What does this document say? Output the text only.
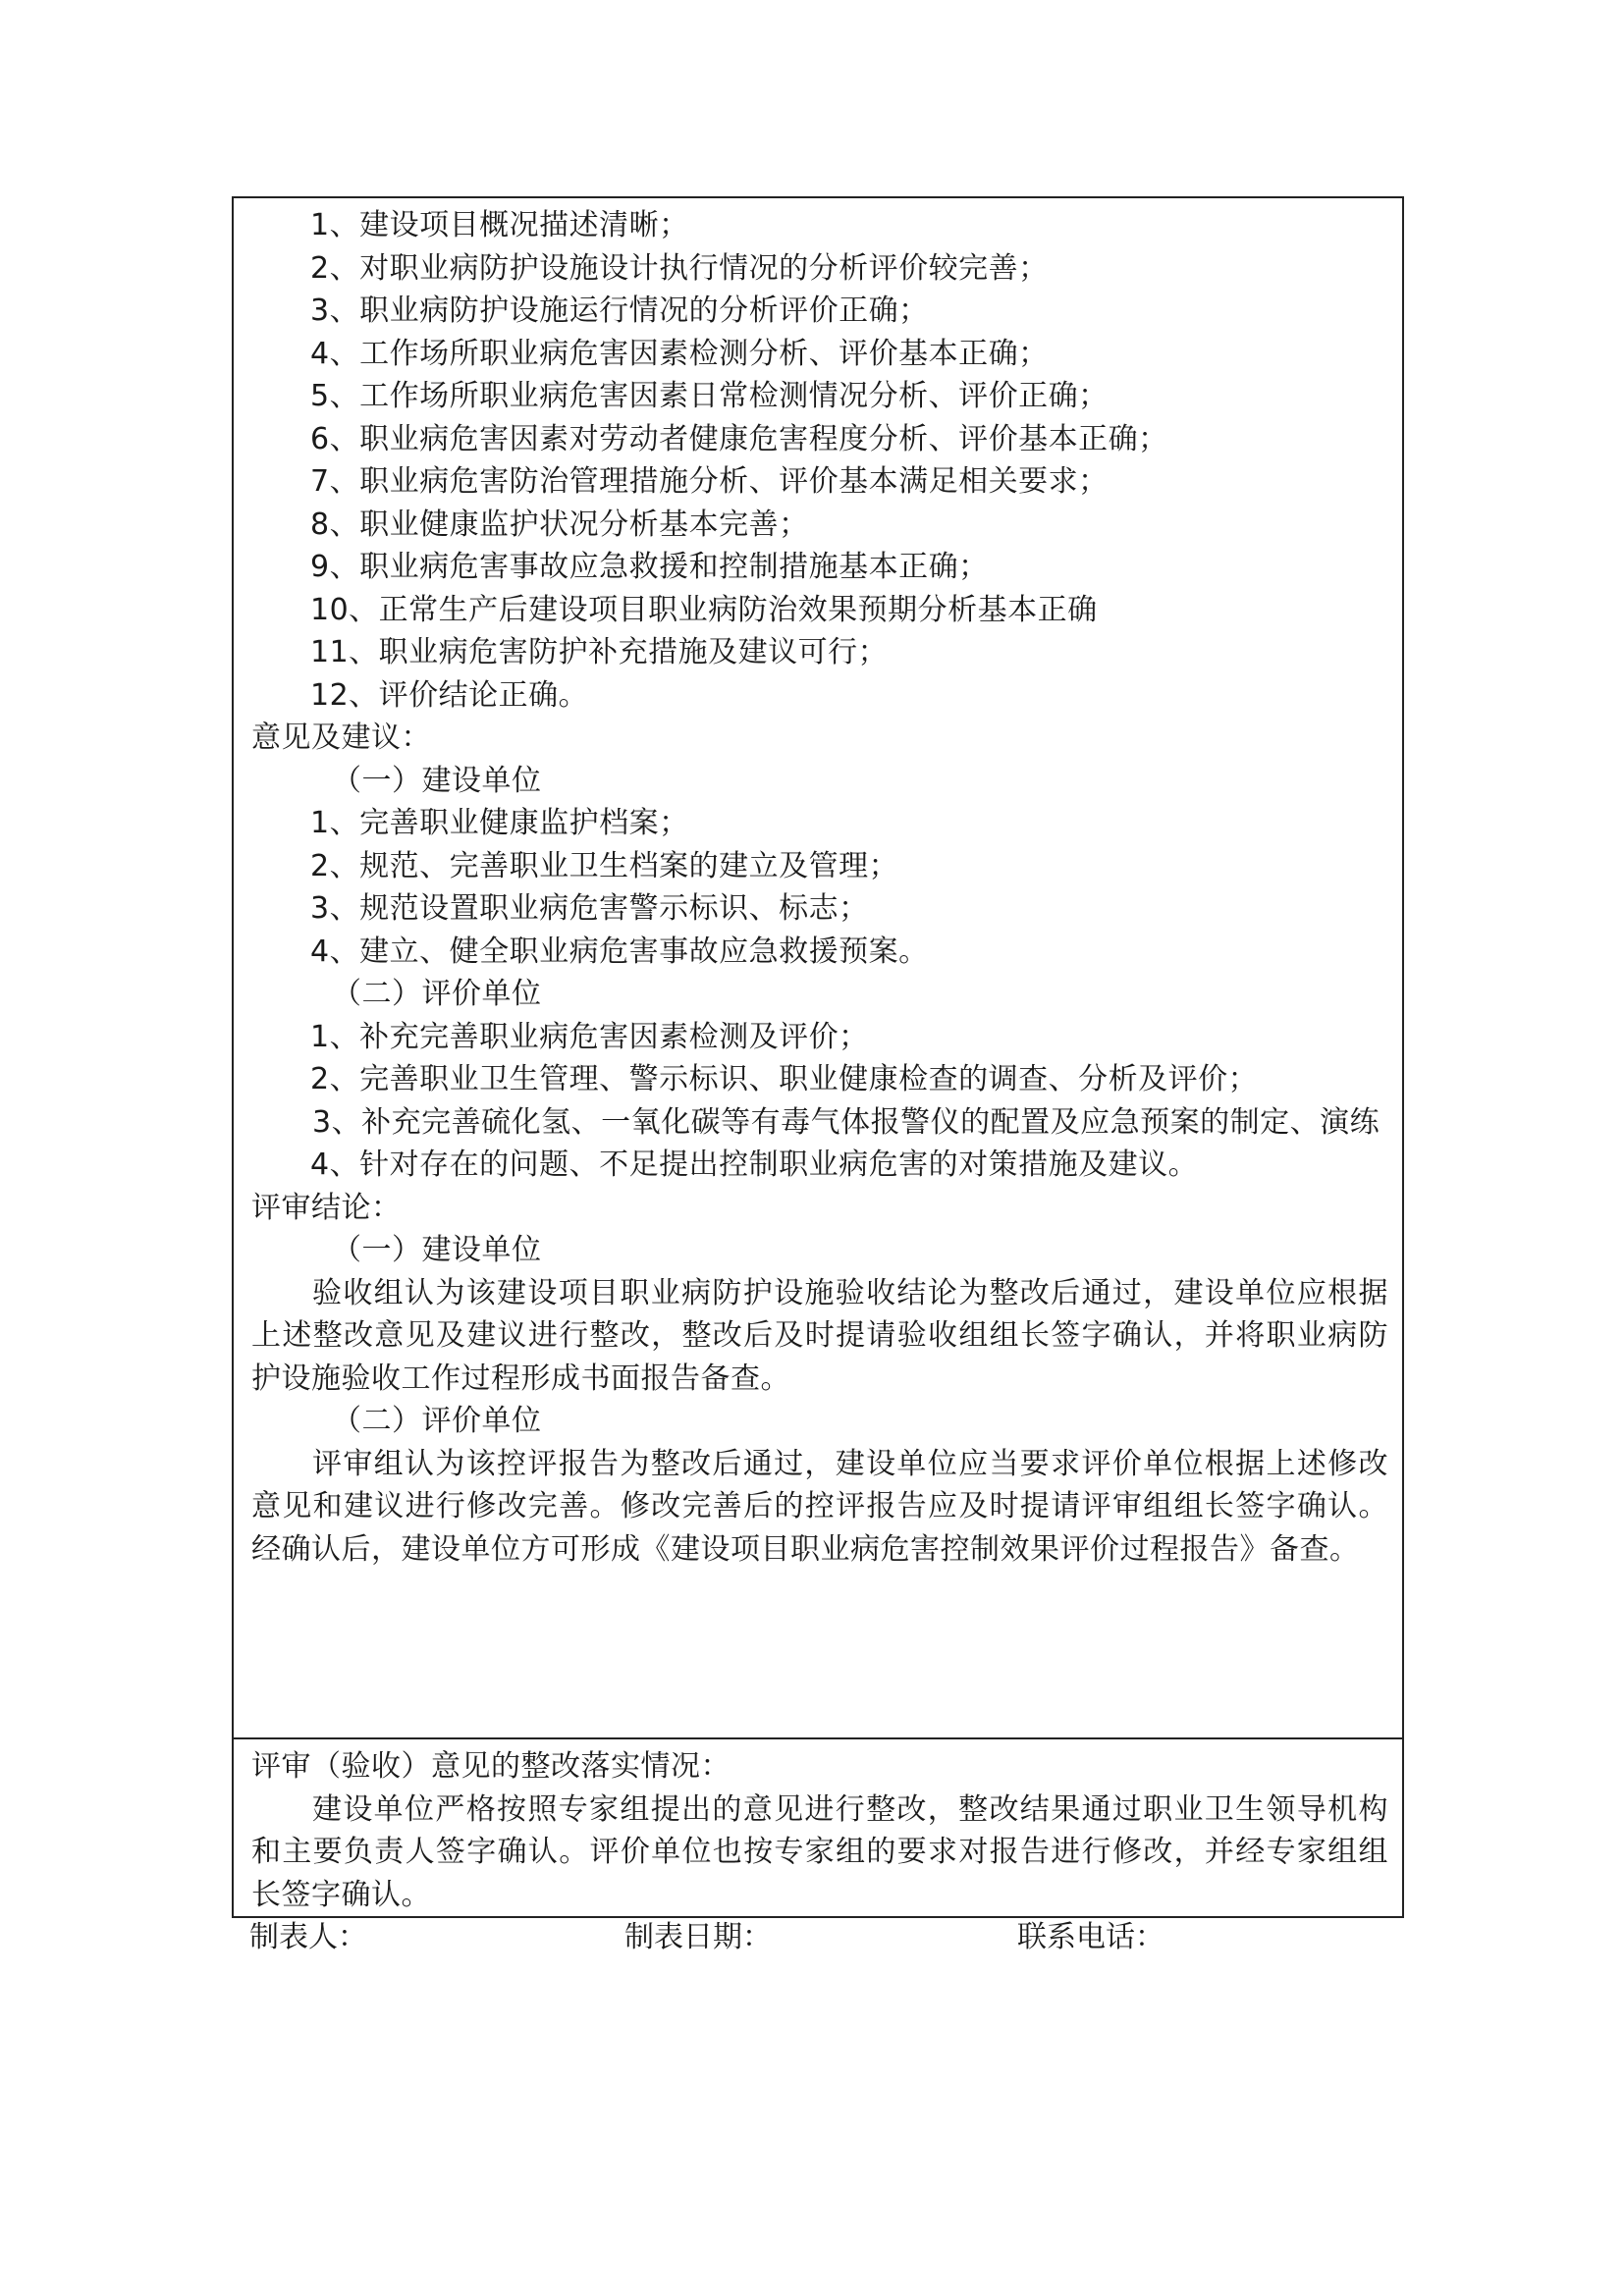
1、建设项目概况描述清晰；
2、对职业病防护设施设计执行情况的分析评价较完善；
3、职业病防护设施运行情况的分析评价正确；
4、工作场所职业病危害因素检测分析、评价基本正确；
5、工作场所职业病危害因素日常检测情况分析、评价正确；
6、职业病危害因素对劳动者健康危害程度分析、评价基本正确；
7、职业病危害防治管理措施分析、评价基本满足相关要求；
8、职业健康监护状况分析基本完善；
9、职业病危害事故应急救援和控制措施基本正确；
10、正常生产后建设项目职业病防治效果预期分析基本正确
11、职业病危害防护补充措施及建议可行；
12、评价结论正确。
意见及建议：
（一）建设单位
1、完善职业健康监护档案；
2、规范、完善职业卫生档案的建立及管理；
3、规范设置职业病危害警示标识、标志；
4、建立、健全职业病危害事故应急救援预案。
（二）评价单位
1、补充完善职业病危害因素检测及评价；
2、完善职业卫生管理、警示标识、职业健康检查的调查、分析及评价；
3、补充完善硫化氢、一氧化碳等有毒气体报警仪的配置及应急预案的制定、演练
4、针对存在的问题、不足提出控制职业病危害的对策措施及建议。
评审结论：
（一）建设单位
验收组认为该建设项目职业病防护设施验收结论为整改后通过，建设单位应根据上述整改意见及建议进行整改，整改后及时提请验收组组长签字确认，并将职业病防护设施验收工作过程形成书面报告备查。
（二）评价单位
评审组认为该控评报告为整改后通过，建设单位应当要求评价单位根据上述修改意见和建议进行修改完善。修改完善后的控评报告应及时提请评审组组长签字确认。经确认后，建设单位方可形成《建设项目职业病危害控制效果评价过程报告》备查。
评审（验收）意见的整改落实情况：
建设单位严格按照专家组提出的意见进行整改，整改结果通过职业卫生领导机构和主要负责人签字确认。评价单位也按专家组的要求对报告进行修改，并经专家组组长签字确认。
制表人：	制表日期：	联系电话：
